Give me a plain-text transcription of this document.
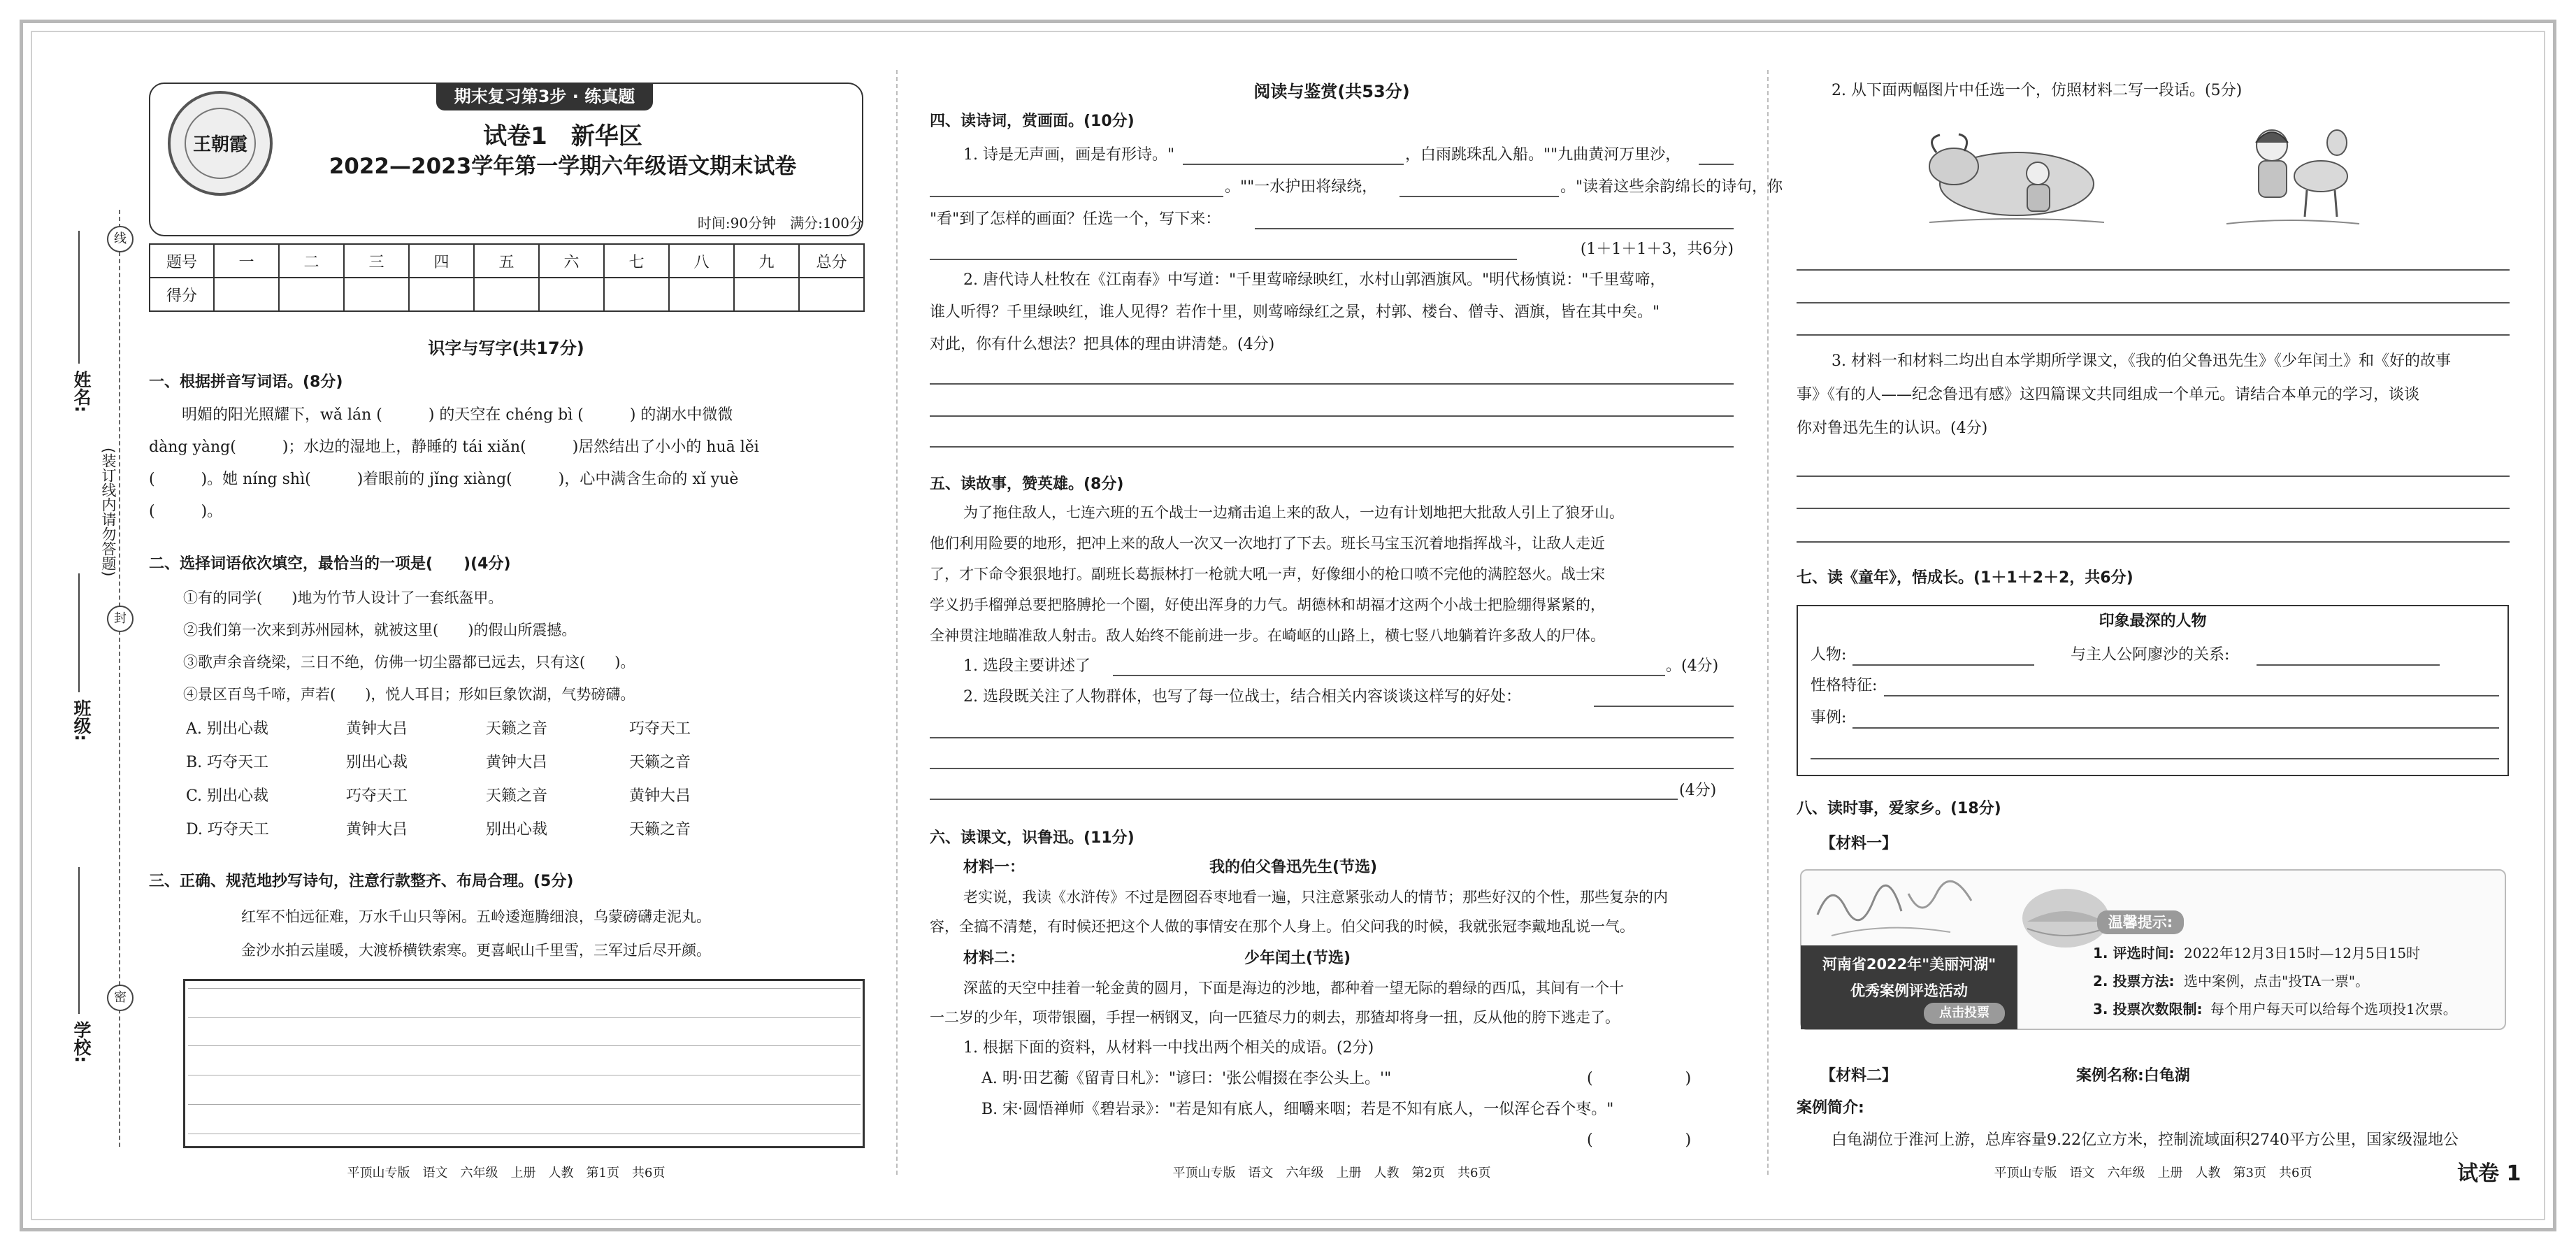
线
封
密
(装订线内请勿答题)
姓名:
班级:
学校:
期末复习第3步 · 练真题
王朝霞	试卷1　新华区
2022—2023学年第一学期六年级语文期末试卷
时间:90分钟　满分:100分
题号	一	二	三	四	五	六	七	八	九	总分
得分										
识字与写字(共17分)
一、根据拼音写词语。(8分)
明媚的阳光照耀下，wǎ lán (　　　) 的天空在 chéng bì (　　　) 的湖水中微微
dàng yàng(　　　)；水边的湿地上，静睡的 tái xiǎn(　　　)居然结出了小小的 huā lěi
(　　　)。她 níng shì(　　　)着眼前的 jǐng xiàng(　　　)，心中满含生命的 xǐ yuè
(　　　)。
二、选择词语依次填空，最恰当的一项是(　　)(4分)
①有的同学(　　)地为竹节人设计了一套纸盔甲。
②我们第一次来到苏州园林，就被这里(　　)的假山所震撼。
③歌声余音绕梁，三日不绝，仿佛一切尘嚣都已远去，只有这(　　)。
④景区百鸟千啼，声若(　　)，悦人耳目；形如巨象饮湖，气势磅礴。
A. 别出心裁	黄钟大吕	天籁之音	巧夺天工
B. 巧夺天工	别出心裁	黄钟大吕	天籁之音
C. 别出心裁	巧夺天工	天籁之音	黄钟大吕
D. 巧夺天工	黄钟大吕	别出心裁	天籁之音
三、正确、规范地抄写诗句，注意行款整齐、布局合理。(5分)
红军不怕远征难，万水千山只等闲。五岭逶迤腾细浪，乌蒙磅礴走泥丸。
金沙水拍云崖暖，大渡桥横铁索寒。更喜岷山千里雪，三军过后尽开颜。
平顶山专版　语文　六年级　上册　人教　第1页　共6页
阅读与鉴赏(共53分)
四、读诗词，赏画面。(10分)
1. 诗是无声画，画是有形诗。"	，白雨跳珠乱入船。""九曲黄河万里沙，
。""一水护田将绿绕，	。"读着这些余韵绵长的诗句，你
"看"到了怎样的画面？任选一个，写下来：
(1＋1＋1＋3，共6分)
2. 唐代诗人杜牧在《江南春》中写道："千里莺啼绿映红，水村山郭酒旗风。"明代杨慎说："千里莺啼，
谁人听得？千里绿映红，谁人见得？若作十里，则莺啼绿红之景，村郭、楼台、僧寺、酒旗，皆在其中矣。"
对此，你有什么想法？把具体的理由讲清楚。(4分)
五、读故事，赞英雄。(8分)
为了拖住敌人，七连六班的五个战士一边痛击追上来的敌人，一边有计划地把大批敌人引上了狼牙山。
他们利用险要的地形，把冲上来的敌人一次又一次地打了下去。班长马宝玉沉着地指挥战斗，让敌人走近
了，才下命令狠狠地打。副班长葛振林打一枪就大吼一声，好像细小的枪口喷不完他的满腔怒火。战士宋
学义扔手榴弹总要把胳膊抡一个圈，好使出浑身的力气。胡德林和胡福才这两个小战士把脸绷得紧紧的，
全神贯注地瞄准敌人射击。敌人始终不能前进一步。在崎岖的山路上，横七竖八地躺着许多敌人的尸体。
1. 选段主要讲述了	。(4分)
2. 选段既关注了人物群体，也写了每一位战士，结合相关内容谈谈这样写的好处：
(4分)
六、读课文，识鲁迅。(11分)
材料一：	我的伯父鲁迅先生(节选)
老实说，我读《水浒传》不过是囫囵吞枣地看一遍，只注意紧张动人的情节；那些好汉的个性，那些复杂的内
容，全搞不清楚，有时候还把这个人做的事情安在那个人身上。伯父问我的时候，我就张冠李戴地乱说一气。
材料二：	少年闰土(节选)
深蓝的天空中挂着一轮金黄的圆月，下面是海边的沙地，都种着一望无际的碧绿的西瓜，其间有一个十
一二岁的少年，项带银圈，手捏一柄钢叉，向一匹猹尽力的刺去，那猹却将身一扭，反从他的胯下逃走了。
1. 根据下面的资料，从材料一中找出两个相关的成语。(2分)
A. 明·田艺蘅《留青日札》："谚曰：'张公帽掇在李公头上。'"	(　　　　　　)
B. 宋·圆悟禅师《碧岩录》："若是知有底人，细嚼来咽；若是不知有底人，一似浑仑吞个枣。"
(　　　　　　)
平顶山专版　语文　六年级　上册　人教　第2页　共6页
2. 从下面两幅图片中任选一个，仿照材料二写一段话。(5分)
3. 材料一和材料二均出自本学期所学课文，《我的伯父鲁迅先生》《少年闰土》和《好的故事
事》《有的人——纪念鲁迅有感》这四篇课文共同组成一个单元。请结合本单元的学习，谈谈
你对鲁迅先生的认识。(4分)
七、读《童年》，悟成长。(1＋1＋2＋2，共6分)
印象最深的人物
人物:	与主人公阿廖沙的关系:
性格特征:
事例:
八、读时事，爱家乡。(18分)
【材料一】
河南省2022年"美丽河湖"
优秀案例评选活动
点击投票
温馨提示:
1. 评选时间: 2022年12月3日15时—12月5日15时
2. 投票方法: 选中案例，点击"投TA一票"。
3. 投票次数限制: 每个用户每天可以给每个选项投1次票。
【材料二】	案例名称:白龟湖
案例简介:
白龟湖位于淮河上游，总库容量9.22亿立方米，控制流域面积2740平方公里，国家级湿地公
平顶山专版　语文　六年级　上册　人教　第3页　共6页	试卷 1
